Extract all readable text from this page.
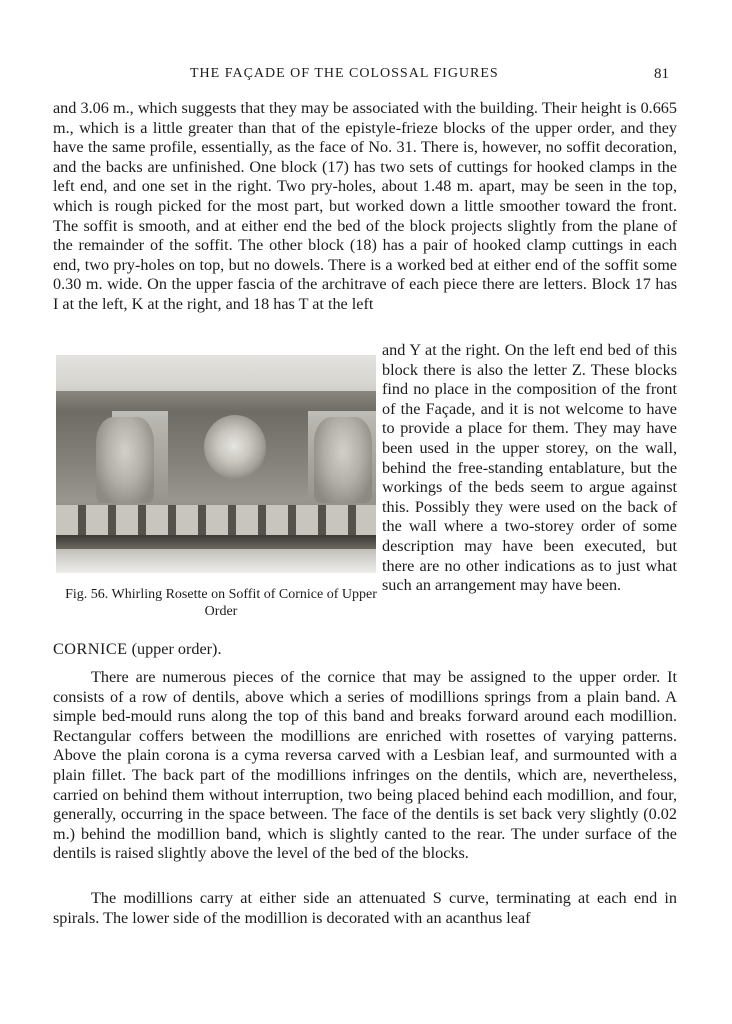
THE FAÇADE OF THE COLOSSAL FIGURES	81

and 3.06 m., which suggests that they may be associated with the building. Their height is 0.665 m., which is a little greater than that of the epistyle-frieze blocks of the upper order, and they have the same profile, essentially, as the face of No. 31. There is, however, no soffit decoration, and the backs are unfinished. One block (17) has two sets of cuttings for hooked clamps in the left end, and one set in the right. Two pry-holes, about 1.48 m. apart, may be seen in the top, which is rough picked for the most part, but worked down a little smoother toward the front. The soffit is smooth, and at either end the bed of the block projects slightly from the plane of the remainder of the soffit. The other block (18) has a pair of hooked clamp cuttings in each end, two pry-holes on top, but no dowels. There is a worked bed at either end of the soffit some 0.30 m. wide. On the upper fascia of the architrave of each piece there are letters. Block 17 has I at the left, K at the right, and 18 has T at the left

and Y at the right. On the left end bed of this block there is also the letter Z. These blocks find no place in the composition of the front of the Façade, and it is not welcome to have to provide a place for them. They may have been used in the upper storey, on the wall, behind the free-standing entablature, but the workings of the beds seem to argue against this. Possibly they were used on the back of the wall where a two-storey order of some description may have been executed, but there are no other indications as to just what such an arrangement may have been.

Fig. 56. Whirling Rosette on Soffit of Cornice of Upper Order

CORNICE (upper order).

There are numerous pieces of the cornice that may be assigned to the upper order. It consists of a row of dentils, above which a series of modillions springs from a plain band. A simple bed-mould runs along the top of this band and breaks forward around each modillion. Rectangular coffers between the modillions are enriched with rosettes of varying patterns. Above the plain corona is a cyma reversa carved with a Lesbian leaf, and surmounted with a plain fillet. The back part of the modillions infringes on the dentils, which are, nevertheless, carried on behind them without interruption, two being placed behind each modillion, and four, generally, occurring in the space between. The face of the dentils is set back very slightly (0.02 m.) behind the modillion band, which is slightly canted to the rear. The under surface of the dentils is raised slightly above the level of the bed of the blocks.

The modillions carry at either side an attenuated S curve, terminating at each end in spirals. The lower side of the modillion is decorated with an acanthus leaf
